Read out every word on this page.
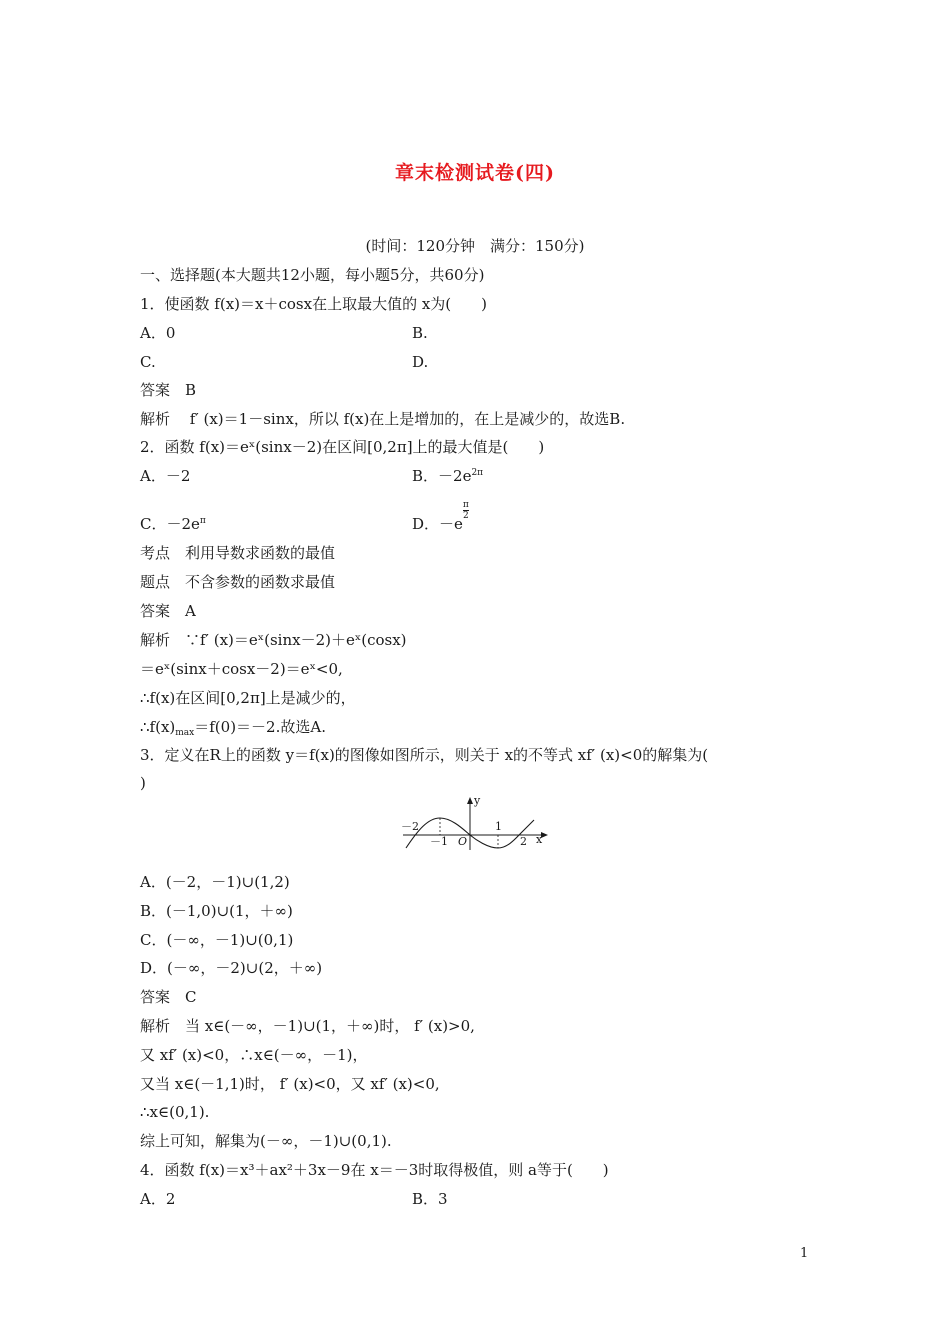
章末检测试卷(四)
(时间：120分钟　满分：150分)
一、选择题(本大题共12小题，每小题5分，共60分)
1．使函数 f(x)＝x＋cosx在上取最大值的 x为(　　)
A．0	B.
C.	D.
答案　B
解析　 f′ (x)＝1－sinx，所以 f(x)在上是增加的，在上是减少的，故选B.
2．函数 f(x)＝eˣ(sinx－2)在区间[0,2π]上的最大值是(　　)
A．－2	B．$-2e^{2\pi}$
C．$-2e^\pi$	D．$-e\frac{\pi}{2}$
考点　利用导数求函数的最值
题点　不含参数的函数求最值
答案　A
解析　∵f′ (x)＝eˣ(sinx－2)＋eˣ(cosx)
＝eˣ(sinx＋cosx－2)＝eˣ<0,
∴f(x)在区间[0,2π]上是减少的，
$\therefore f(x)_{max}=f(0)=-2$.故选A.
3．定义在R上的函数 y＝f(x)的图像如图所示，则关于 x的不等式 xf′ (x)<0的解集为(
)
y
x
O
－2
－1
1
2
A．(－2，－1)∪(1,2)
B．(－1,0)∪(1，＋∞)
C．(－∞，－1)∪(0,1)
D．(－∞，－2)∪(2，＋∞)
答案　C
解析　当 x∈(－∞，－1)∪(1，＋∞)时， f′ (x)>0,
又 xf′ (x)<0，∴x∈(－∞，－1)，
又当 x∈(－1,1)时， f′ (x)<0，又 xf′ (x)<0,
∴x∈(0,1).
综上可知，解集为(－∞，－1)∪(0,1).
4．函数 f(x)＝x³＋ax²＋3x－9在 x＝－3时取得极值，则 a等于(　　)
A．2	B．3
1
